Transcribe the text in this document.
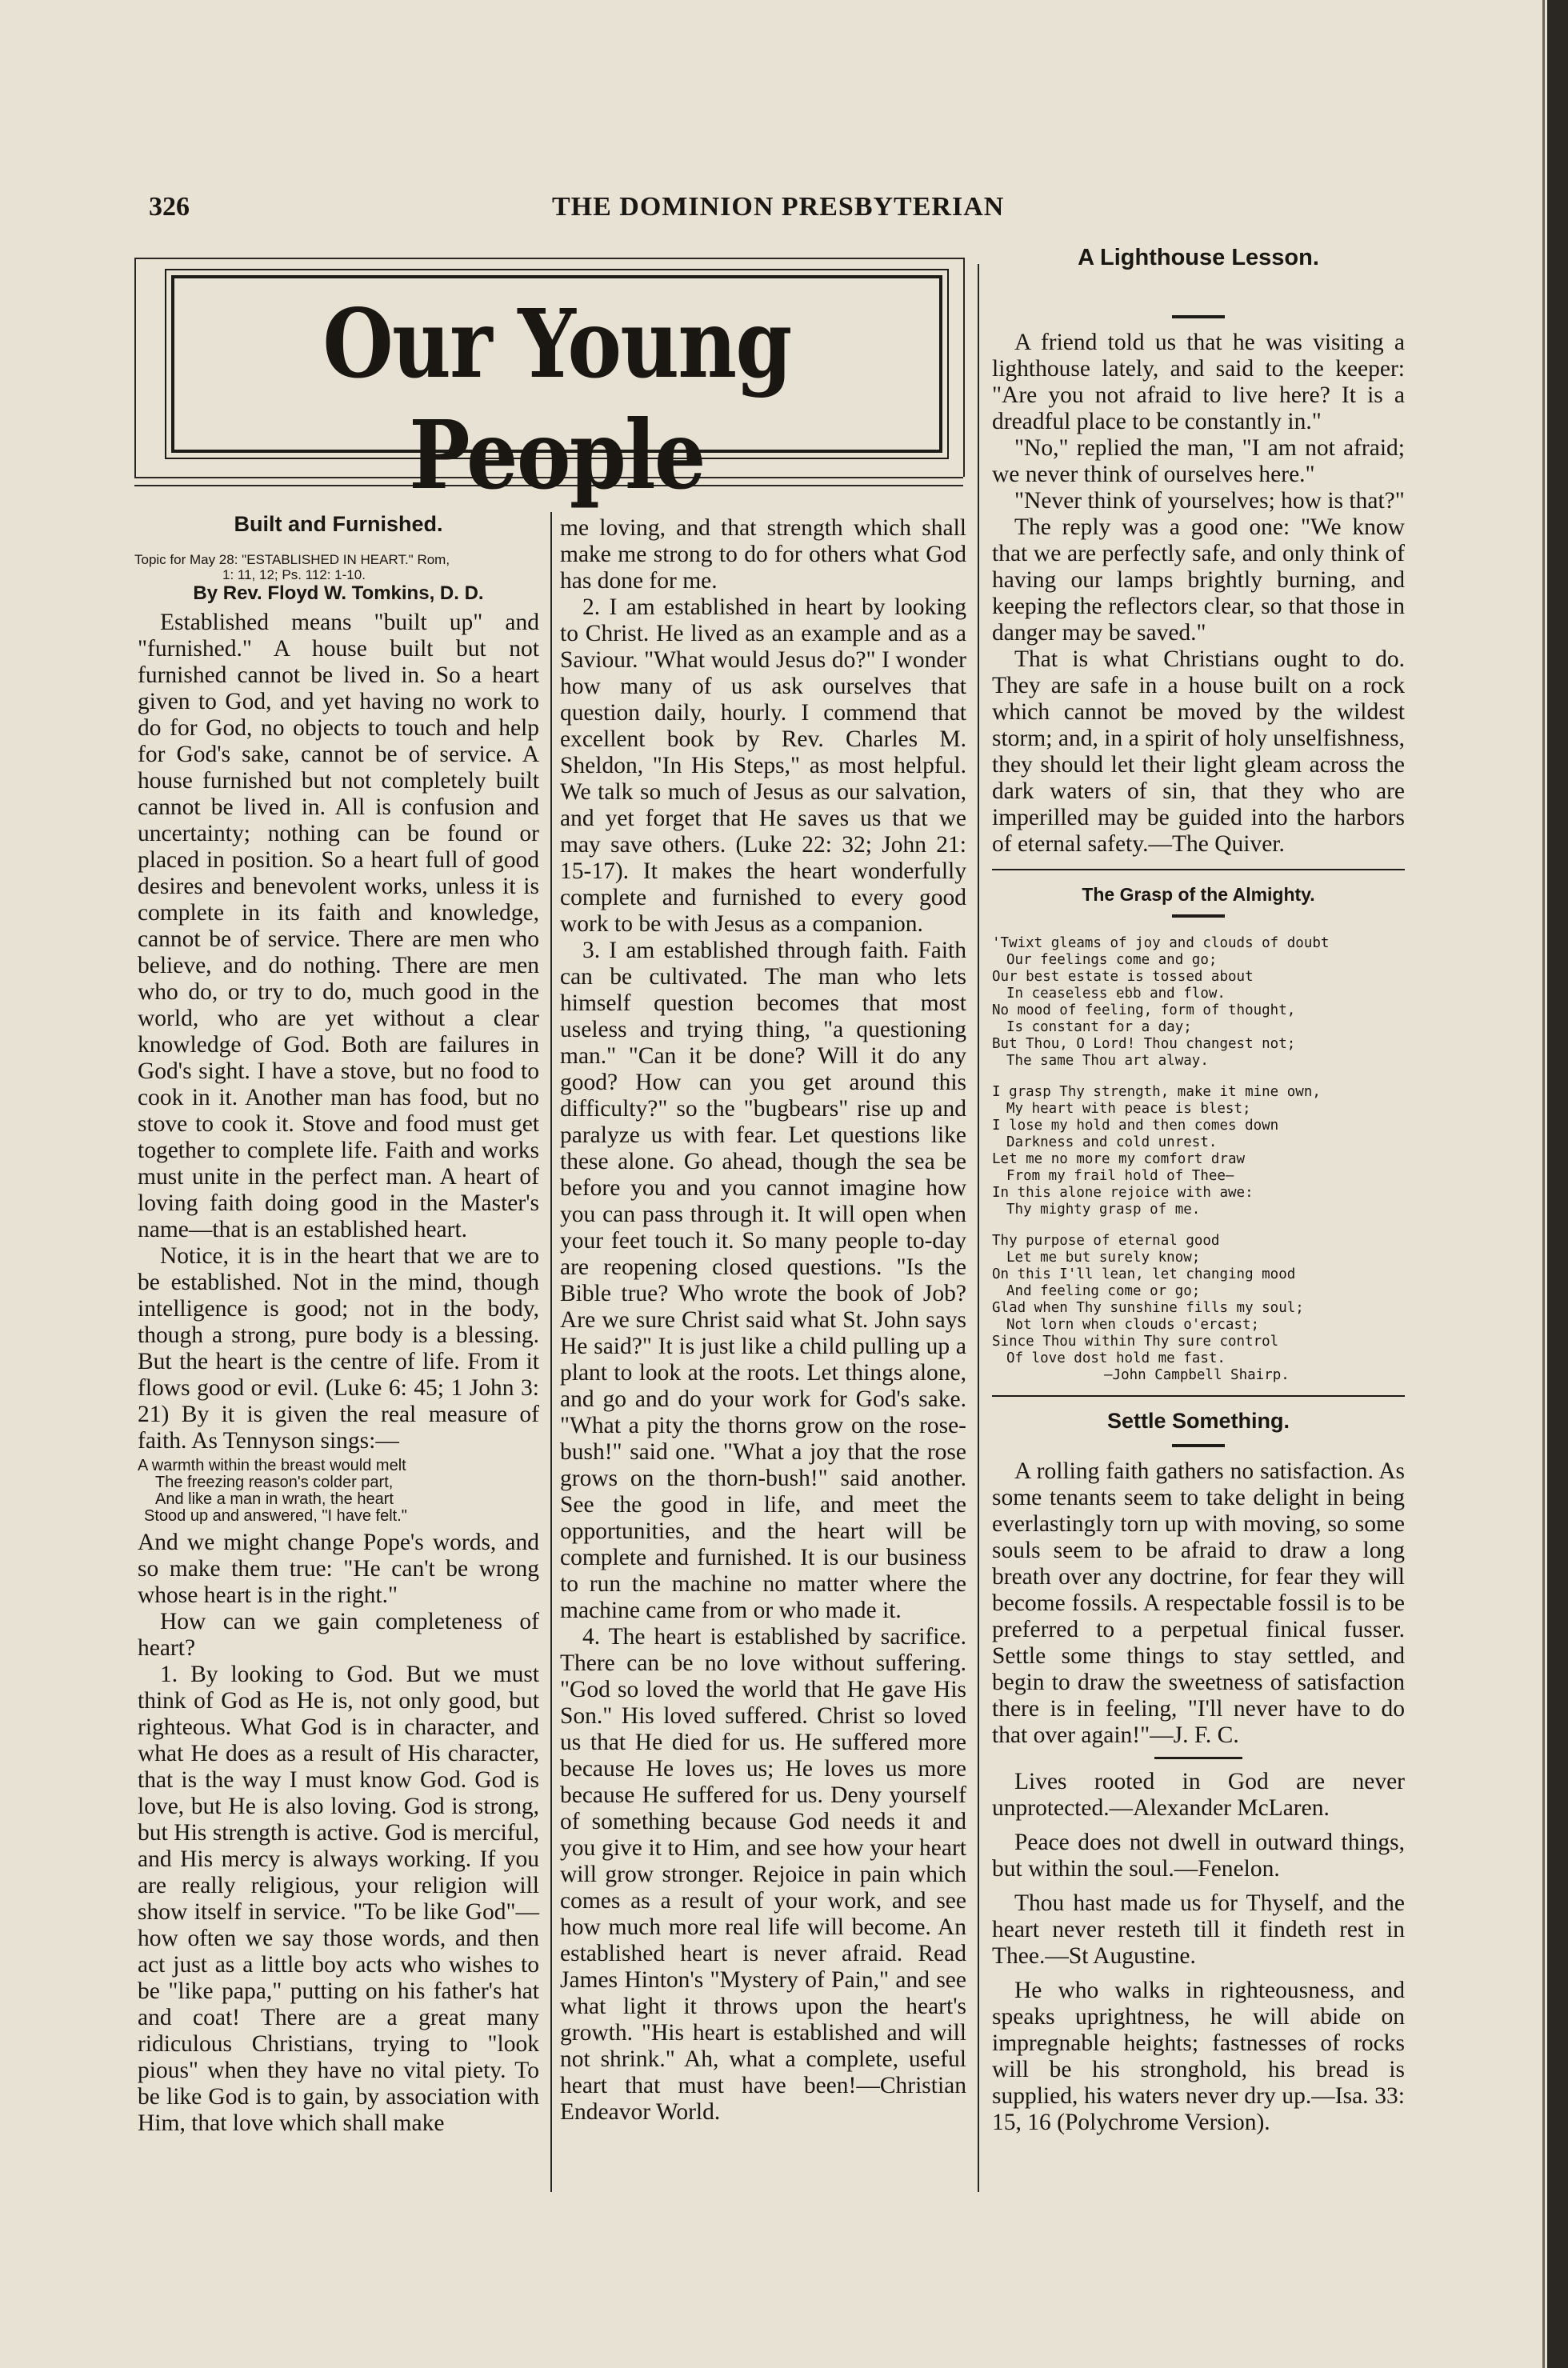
326	THE DOMINION PRESBYTERIAN
Our Young People
Built and Furnished.
Topic for May 28: "ESTABLISHED IN HEART." Rom,
1: 11, 12; Ps. 112: 1-10.
By Rev. Floyd W. Tomkins, D. D.

Established means "built up" and "furnished." A house built but not furnished cannot be lived in. So a heart given to God, and yet having no work to do for God, no objects to touch and help for God's sake, cannot be of service. A house furnished but not completely built cannot be lived in. All is confusion and uncertainty; nothing can be found or placed in position. So a heart full of good desires and benevolent works, unless it is complete in its faith and knowledge, cannot be of service. There are men who believe, and do nothing. There are men who do, or try to do, much good in the world, who are yet without a clear knowledge of God. Both are failures in God's sight. I have a stove, but no food to cook in it. Another man has food, but no stove to cook it. Stove and food must get together to complete life. Faith and works must unite in the perfect man. A heart of loving faith doing good in the Master's name—that is an established heart.

Notice, it is in the heart that we are to be established. Not in the mind, though intelligence is good; not in the body, though a strong, pure body is a blessing. But the heart is the centre of life. From it flows good or evil. (Luke 6: 45; 1 John 3: 21) By it is given the real measure of faith. As Tennyson sings:—

A warmth within the breast would melt
The freezing reason's colder part,
And like a man in wrath, the heart
Stood up and answered, "I have felt."

And we might change Pope's words, and so make them true: "He can't be wrong whose heart is in the right."

How can we gain completeness of heart?

1. By looking to God. But we must think of God as He is, not only good, but righteous. What God is in character, and what He does as a result of His character, that is the way I must know God. God is love, but He is also loving. God is strong, but His strength is active. God is merciful, and His mercy is always working. If you are really religious, your religion will show itself in service. "To be like God"—how often we say those words, and then act just as a little boy acts who wishes to be "like papa," putting on his father's hat and coat! There are a great many ridiculous Christians, trying to "look pious" when they have no vital piety. To be like God is to gain, by association with Him, that love which shall make

me loving, and that strength which shall make me strong to do for others what God has done for me.

2. I am established in heart by looking to Christ. He lived as an example and as a Saviour. "What would Jesus do?" I wonder how many of us ask ourselves that question daily, hourly. I commend that excellent book by Rev. Charles M. Sheldon, "In His Steps," as most helpful. We talk so much of Jesus as our salvation, and yet forget that He saves us that we may save others. (Luke 22: 32; John 21: 15-17). It makes the heart wonderfully complete and furnished to every good work to be with Jesus as a companion.

3. I am established through faith. Faith can be cultivated. The man who lets himself question becomes that most useless and trying thing, "a questioning man." "Can it be done? Will it do any good? How can you get around this difficulty?" so the "bugbears" rise up and paralyze us with fear. Let questions like these alone. Go ahead, though the sea be before you and you cannot imagine how you can pass through it. It will open when your feet touch it. So many people to-day are reopening closed questions. "Is the Bible true? Who wrote the book of Job? Are we sure Christ said what St. John says He said?" It is just like a child pulling up a plant to look at the roots. Let things alone, and go and do your work for God's sake. "What a pity the thorns grow on the rose-bush!" said one. "What a joy that the rose grows on the thorn-bush!" said another. See the good in life, and meet the opportunities, and the heart will be complete and furnished. It is our business to run the machine no matter where the machine came from or who made it.

4. The heart is established by sacrifice. There can be no love without suffering. "God so loved the world that He gave His Son." His loved suffered. Christ so loved us that He died for us. He suffered more because He loves us; He loves us more because He suffered for us. Deny yourself of something because God needs it and you give it to Him, and see how your heart will grow stronger. Rejoice in pain which comes as a result of your work, and see how much more real life will become. An established heart is never afraid. Read James Hinton's "Mystery of Pain," and see what light it throws upon the heart's growth. "His heart is established and will not shrink." Ah, what a complete, useful heart that must have been!—Christian Endeavor World.

A Lighthouse Lesson.

A friend told us that he was visiting a lighthouse lately, and said to the keeper: "Are you not afraid to live here? It is a dreadful place to be constantly in."

"No," replied the man, "I am not afraid; we never think of ourselves here."

"Never think of yourselves; how is that?"

The reply was a good one: "We know that we are perfectly safe, and only think of having our lamps brightly burning, and keeping the reflectors clear, so that those in danger may be saved."

That is what Christians ought to do. They are safe in a house built on a rock which cannot be moved by the wildest storm; and, in a spirit of holy unselfishness, they should let their light gleam across the dark waters of sin, that they who are imperilled may be guided into the harbors of eternal safety.—The Quiver.

The Grasp of the Almighty.
'Twixt gleams of joy and clouds of doubt
Our feelings come and go;
Our best estate is tossed about
In ceaseless ebb and flow.
No mood of feeling, form of thought,
Is constant for a day;
But Thou, O Lord! Thou changest not;
The same Thou art alway.
I grasp Thy strength, make it mine own,
My heart with peace is blest;
I lose my hold and then comes down
Darkness and cold unrest.
Let me no more my comfort draw
From my frail hold of Thee—
In this alone rejoice with awe:
Thy mighty grasp of me.
Thy purpose of eternal good
Let me but surely know;
On this I'll lean, let changing mood
And feeling come or go;
Glad when Thy sunshine fills my soul;
Not lorn when clouds o'ercast;
Since Thou within Thy sure control
Of love dost hold me fast.
—John Campbell Shairp.
Settle Something.

A rolling faith gathers no satisfaction. As some tenants seem to take delight in being everlastingly torn up with moving, so some souls seem to be afraid to draw a long breath over any doctrine, for fear they will become fossils. A respectable fossil is to be preferred to a perpetual finical fusser. Settle some things to stay settled, and begin to draw the sweetness of satisfaction there is in feeling, "I'll never have to do that over again!"—J. F. C.

Lives rooted in God are never unprotected.—Alexander McLaren.

Peace does not dwell in outward things, but within the soul.—Fenelon.

Thou hast made us for Thyself, and the heart never resteth till it findeth rest in Thee.—St Augustine.

He who walks in righteousness, and speaks uprightness, he will abide on impregnable heights; fastnesses of rocks will be his stronghold, his bread is supplied, his waters never dry up.—Isa. 33: 15, 16 (Polychrome Version).
